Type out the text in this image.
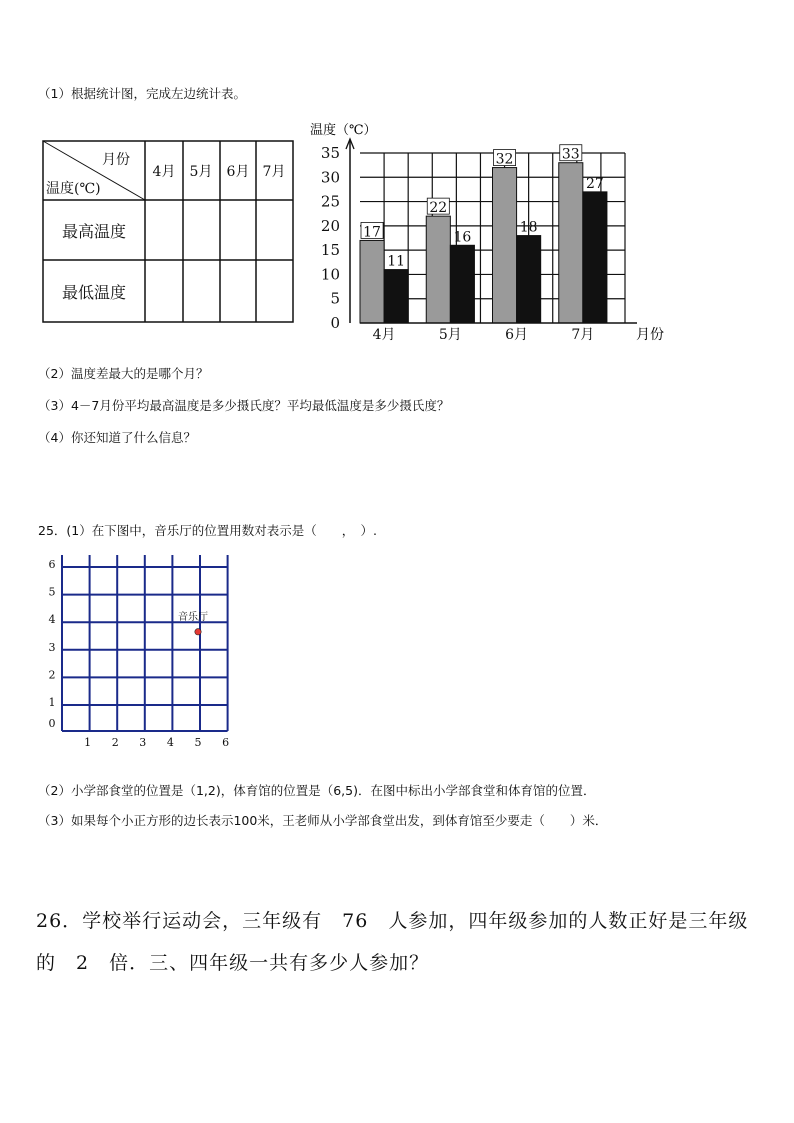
（1）根据统计图，完成左边统计表。
月份
温度(℃)
4月 5月 6月 7月
最高温度
最低温度
温度（℃）
月份
0
5
10
15
20
25
30
35
17
11
4月
22
16
5月
32
18
6月
33
27
7月
（2）温度差最大的是哪个月？
（3）4－7月份平均最高温度是多少摄氏度？平均最低温度是多少摄氏度？
（4）你还知道了什么信息？
25．(1）在下图中，音乐厅的位置用数对表示是（　　，　）.
0
1
2
3
4
5
6
1 2 3 4 5 6
音乐厅
（2）小学部食堂的位置是（1,2)，体育馆的位置是（6,5)．在图中标出小学部食堂和体育馆的位置．
（3）如果每个小正方形的边长表示100米，王老师从小学部食堂出发，到体育馆至少要走（　　）米．
26．学校举行运动会，三年级有　76　人参加，四年级参加的人数正好是三年级
的　2　倍．三、四年级一共有多少人参加？
